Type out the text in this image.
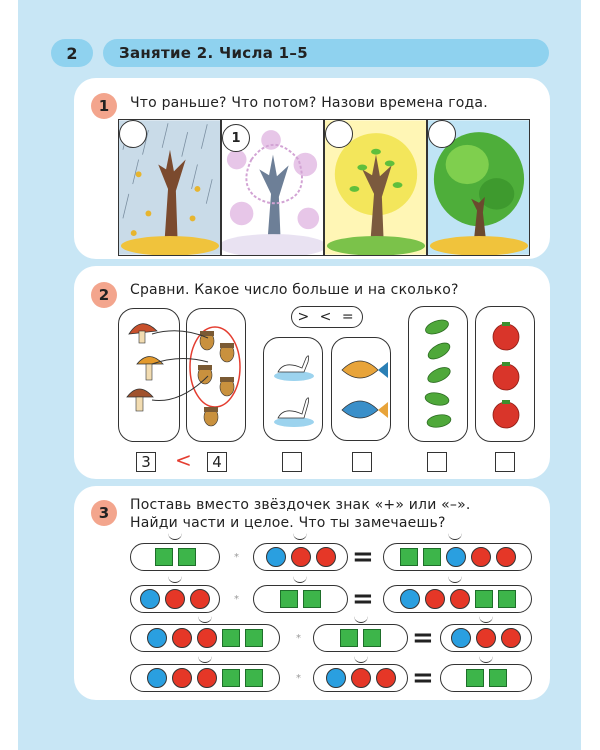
2	Занятие 2. Числа 1–5
1	Что раньше? Что потом? Назови времена года.
1
2	Сравни. Какое число больше и на сколько?
> < =
3 <	4
3	Поставь вместо звёздочек знак «+» или «–».
Найди части и целое. Что ты замечаешь?
*	=
*	=
*	=
*	=
